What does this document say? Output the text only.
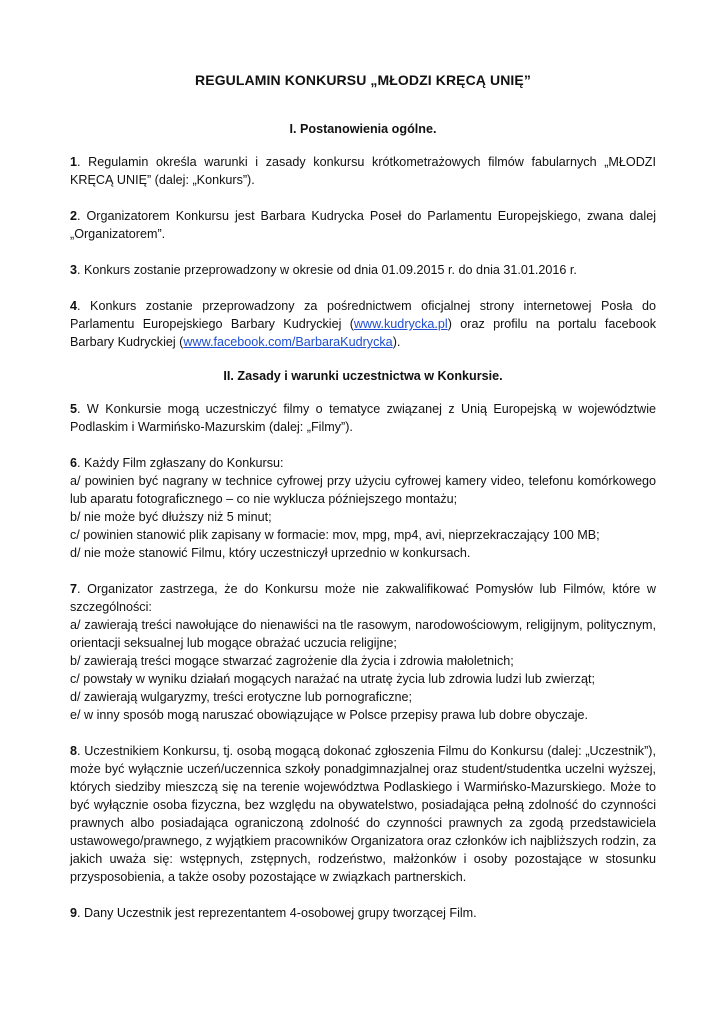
REGULAMIN KONKURSU „MŁODZI KRĘCĄ UNIĘ”
I. Postanowienia ogólne.
1. Regulamin określa warunki i zasady konkursu krótkometrażowych filmów fabularnych „MŁODZI KRĘCĄ UNIĘ” (dalej: „Konkurs”).
2. Organizatorem Konkursu jest Barbara Kudrycka Poseł do Parlamentu Europejskiego, zwana dalej „Organizatorem”.
3. Konkurs zostanie przeprowadzony w okresie od dnia 01.09.2015 r. do dnia 31.01.2016 r.
4. Konkurs zostanie przeprowadzony za pośrednictwem oficjalnej strony internetowej Posła do Parlamentu Europejskiego Barbary Kudryckiej (www.kudrycka.pl) oraz profilu na portalu facebook Barbary Kudryckiej (www.facebook.com/BarbaraKudrycka).
II. Zasady i warunki uczestnictwa w Konkursie.
5. W Konkursie mogą uczestniczyć filmy o tematyce związanej z Unią Europejską w województwie Podlaskim i Warmińsko-Mazurskim (dalej: „Filmy”).
6. Każdy Film zgłaszany do Konkursu:
a/ powinien być nagrany w technice cyfrowej przy użyciu cyfrowej kamery video, telefonu komórkowego lub aparatu fotograficznego – co nie wyklucza późniejszego montażu;
b/ nie może być dłuższy niż 5 minut;
c/ powinien stanowić plik zapisany w formacie: mov, mpg, mp4, avi, nieprzekraczający 100 MB;
d/ nie może stanowić Filmu, który uczestniczył uprzednio w konkursach.
7. Organizator zastrzega, że do Konkursu może nie zakwalifikować Pomysłów lub Filmów, które w szczególności:
a/ zawierają treści nawołujące do nienawiści na tle rasowym, narodowościowym, religijnym, politycznym, orientacji seksualnej lub mogące obrażać uczucia religijne;
b/ zawierają treści mogące stwarzać zagrożenie dla życia i zdrowia małoletnich;
c/ powstały w wyniku działań mogących narażać na utratę życia lub zdrowia ludzi lub zwierząt;
d/ zawierają wulgaryzmy, treści erotyczne lub pornograficzne;
e/ w inny sposób mogą naruszać obowiązujące w Polsce przepisy prawa lub dobre obyczaje.
8. Uczestnikiem Konkursu, tj. osobą mogącą dokonać zgłoszenia Filmu do Konkursu (dalej: „Uczestnik”), może być wyłącznie uczeń/uczennica szkoły ponadgimnazjalnej oraz student/studentka uczelni wyższej, których siedziby mieszczą się na terenie województwa Podlaskiego i Warmińsko-Mazurskiego. Może to być wyłącznie osoba fizyczna, bez względu na obywatelstwo, posiadająca pełną zdolność do czynności prawnych albo posiadająca ograniczoną zdolność do czynności prawnych za zgodą przedstawiciela ustawowego/prawnego, z wyjątkiem pracowników Organizatora oraz członków ich najbliższych rodzin, za jakich uważa się: wstępnych, zstępnych, rodzeństwo, małżonków i osoby pozostające w stosunku przysposobienia, a także osoby pozostające w związkach partnerskich.
9. Dany Uczestnik jest reprezentantem 4-osobowej grupy tworzącej Film.
